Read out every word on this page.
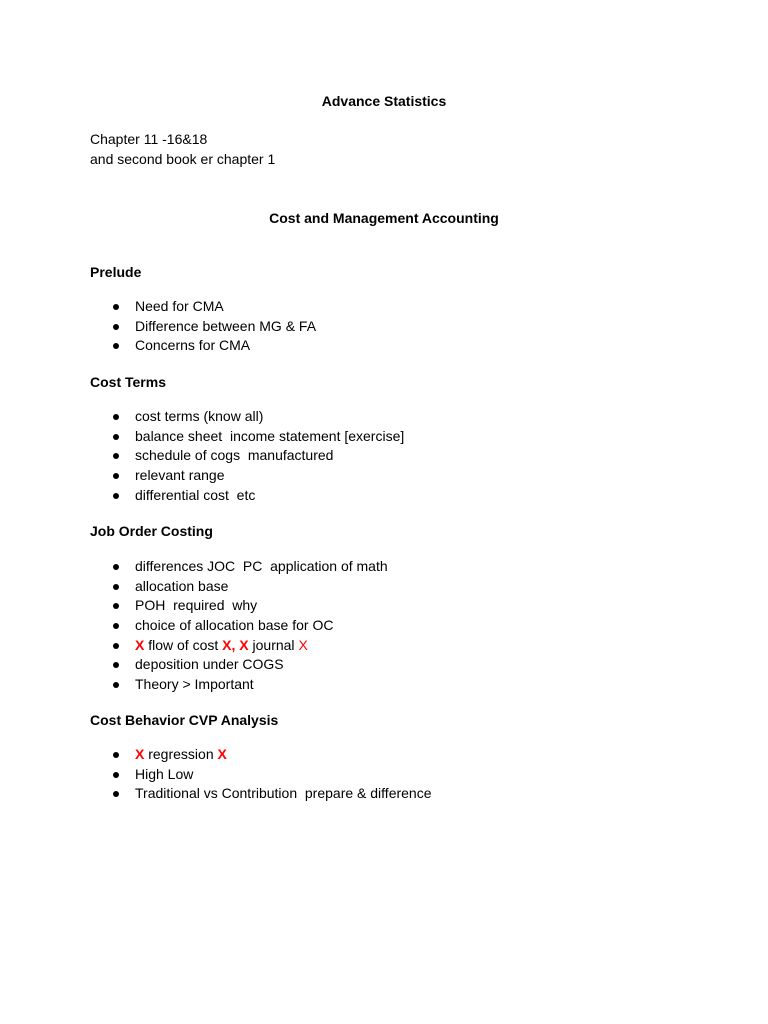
Advance Statistics
Chapter 11 -16&18
and second book er chapter 1
Cost and Management Accounting
Prelude
Need for CMA
Difference between MG & FA
Concerns for CMA
Cost Terms
cost terms (know all)
balance sheet  income statement [exercise]
schedule of cogs  manufactured
relevant range
differential cost  etc
Job Order Costing
differences JOC  PC  application of math
allocation base
POH  required  why
choice of allocation base for OC
X flow of cost X, X journal X
deposition under COGS
Theory > Important
Cost Behavior CVP Analysis
X regression X
High Low
Traditional vs Contribution  prepare & difference
